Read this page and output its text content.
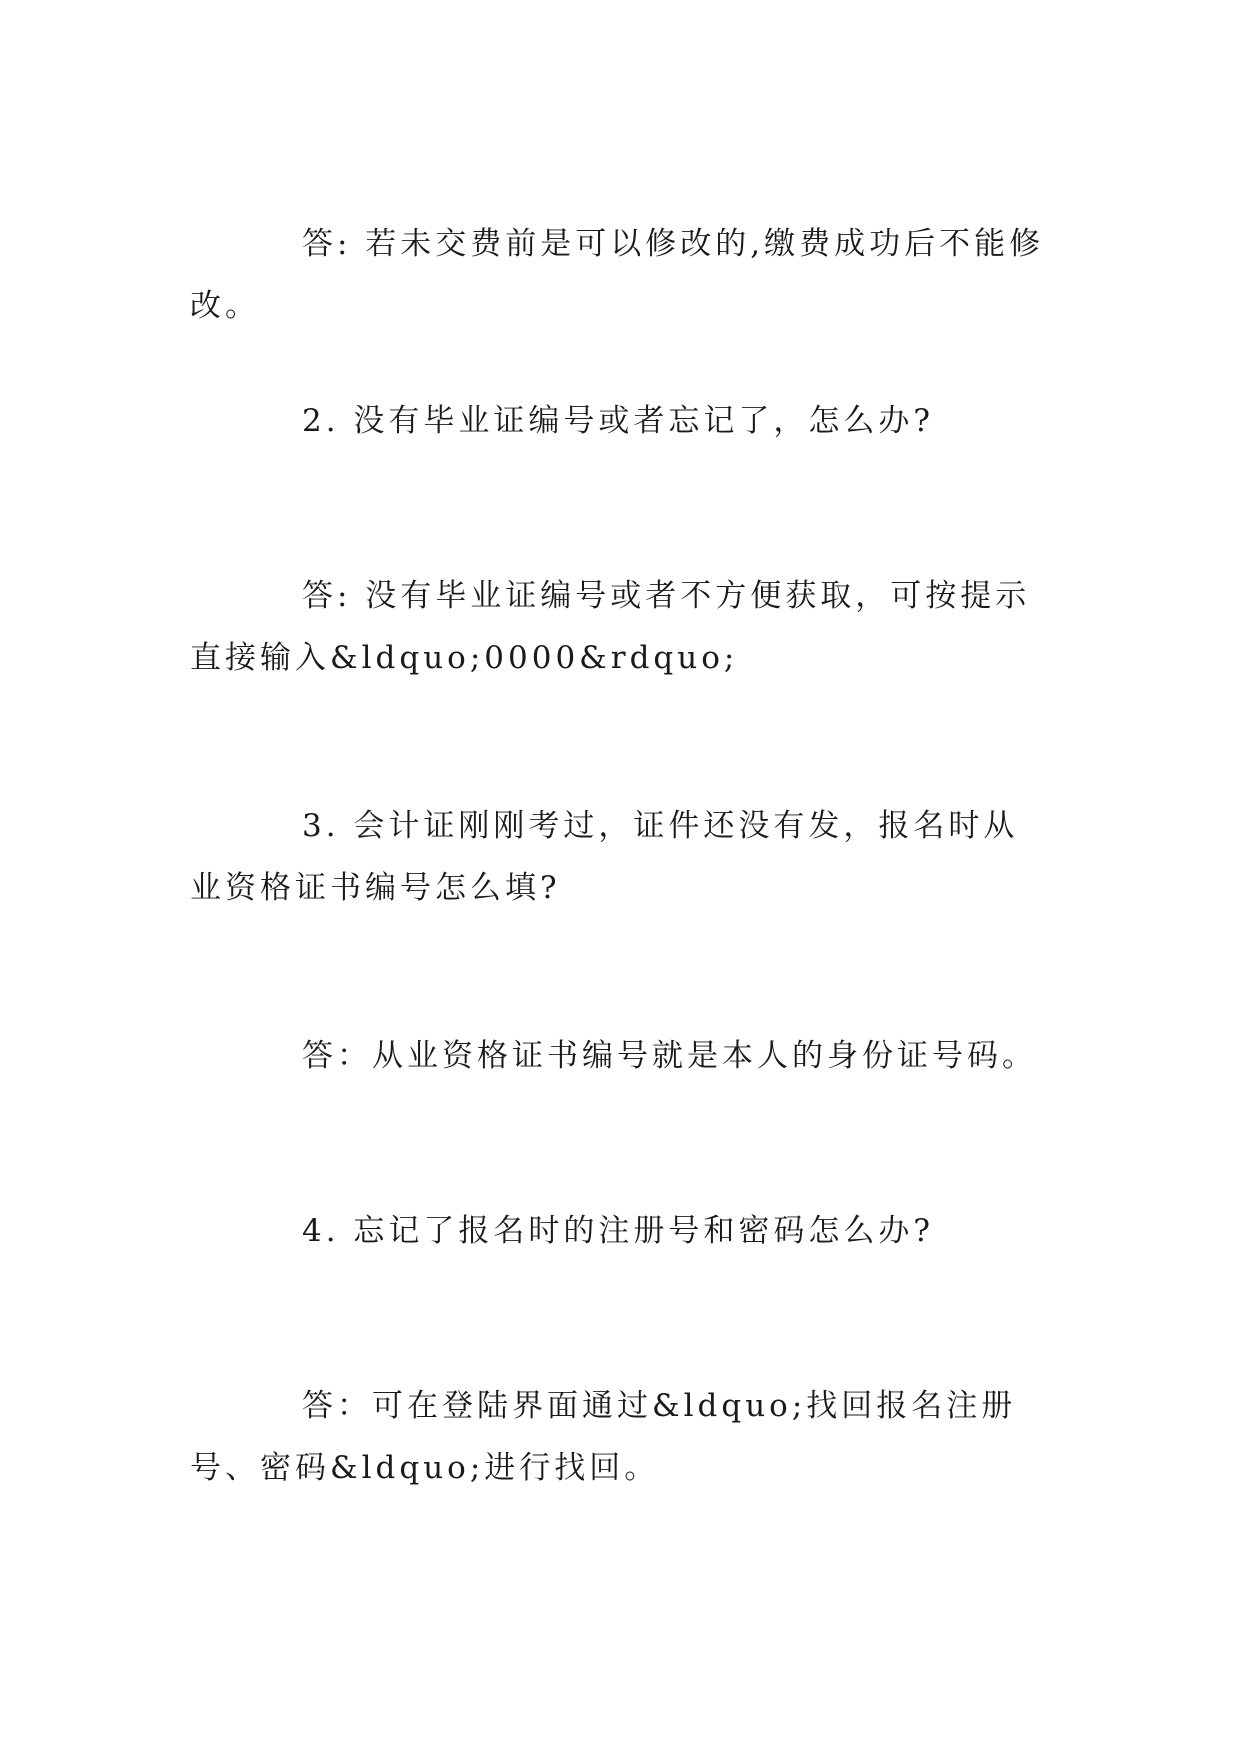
答: 若未交费前是可以修改的,缴费成功后不能修改。
2. 没有毕业证编号或者忘记了，怎么办?
答: 没有毕业证编号或者不方便获取，可按提示直接输入&ldquo;0000&rdquo;
3. 会计证刚刚考过，证件还没有发，报名时从业资格证书编号怎么填?
答：从业资格证书编号就是本人的身份证号码。
4. 忘记了报名时的注册号和密码怎么办?
答：可在登陆界面通过&ldquo;找回报名注册号、密码&ldquo;进行找回。
